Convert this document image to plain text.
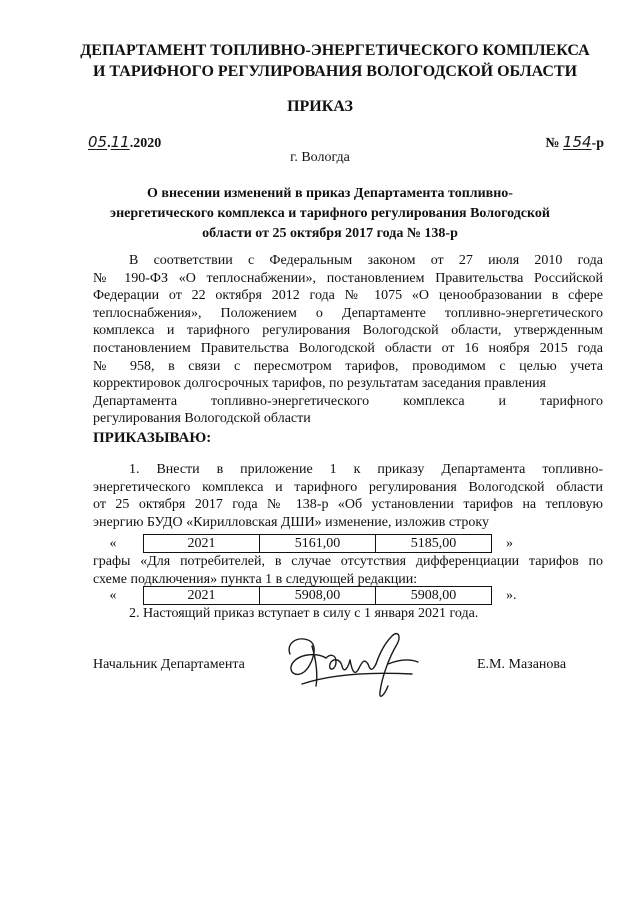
ДЕПАРТАМЕНТ ТОПЛИВНО-ЭНЕРГЕТИЧЕСКОГО КОМПЛЕКСА
И ТАРИФНОГО РЕГУЛИРОВАНИЯ ВОЛОГОДСКОЙ ОБЛАСТИ
ПРИКАЗ
05.11.2020	№ 154-р
г. Вологда
О внесении изменений в приказ Департамента топливно-
энергетического комплекса и тарифного регулирования Вологодской
области от 25 октября 2017 года № 138-р
В соответствии с Федеральным законом от 27 июля 2010 года
№ 190-ФЗ «О теплоснабжении», постановлением Правительства Российской
Федерации от 22 октября 2012 года № 1075 «О ценообразовании в сфере
теплоснабжения», Положением о Департаменте топливно-энергетического
комплекса и тарифного регулирования Вологодской области, утвержденным
постановлением Правительства Вологодской области от 16 ноября 2015 года
№ 958, в связи с пересмотром тарифов, проводимом с целью учета
корректировок долгосрочных тарифов, по результатам заседания правления
Департамента топливно-энергетического комплекса и тарифного
регулирования Вологодской области
ПРИКАЗЫВАЮ:
1. Внести в приложение 1 к приказу Департамента топливно-
энергетического комплекса и тарифного регулирования Вологодской области
от 25 октября 2017 года № 138-р «Об установлении тарифов на тепловую
энергию БУДО «Кирилловская ДШИ» изменение, изложив строку
«	2021	5161,00	5185,00	»
графы «Для потребителей, в случае отсутствия дифференциации тарифов по
схеме подключения» пункта 1 в следующей редакции:
«	2021	5908,00	5908,00	».
2. Настоящий приказ вступает в силу с 1 января 2021 года.
Начальник Департамента	Е.М. Мазанова
